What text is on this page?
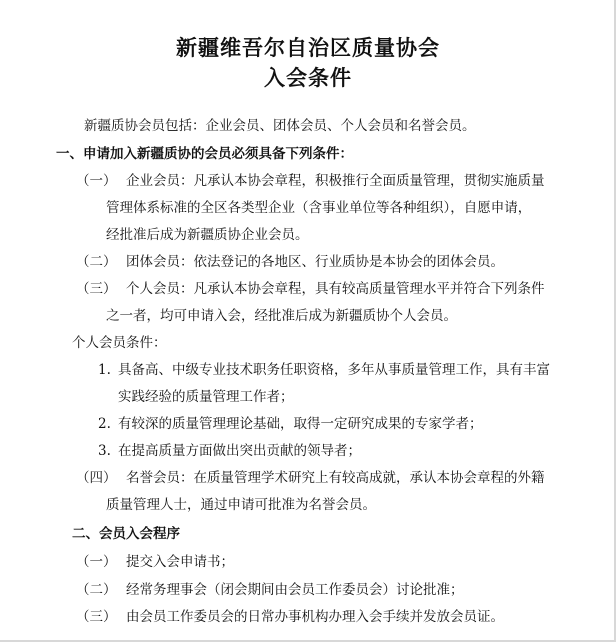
新疆维吾尔自治区质量协会
入会条件
新疆质协会员包括：企业会员、团体会员、个人会员和名誉会员。
一、申请加入新疆质协的会员必须具备下列条件：
（一） 企业会员：凡承认本协会章程，积极推行全面质量管理，贯彻实施质量
管理体系标准的全区各类型企业（含事业单位等各种组织），自愿申请，
经批准后成为新疆质协企业会员。
（二） 团体会员：依法登记的各地区、行业质协是本协会的团体会员。
（三） 个人会员：凡承认本协会章程，具有较高质量管理水平并符合下列条件
之一者，均可申请入会，经批准后成为新疆质协个人会员。
个人会员条件：
1. 具备高、中级专业技术职务任职资格，多年从事质量管理工作，具有丰富
实践经验的质量管理工作者；
2. 有较深的质量管理理论基础，取得一定研究成果的专家学者；
3. 在提高质量方面做出突出贡献的领导者；
（四） 名誉会员：在质量管理学术研究上有较高成就，承认本协会章程的外籍
质量管理人士，通过申请可批准为名誉会员。
二、会员入会程序
（一） 提交入会申请书；
（二） 经常务理事会（闭会期间由会员工作委员会）讨论批准；
（三） 由会员工作委员会的日常办事机构办理入会手续并发放会员证。
